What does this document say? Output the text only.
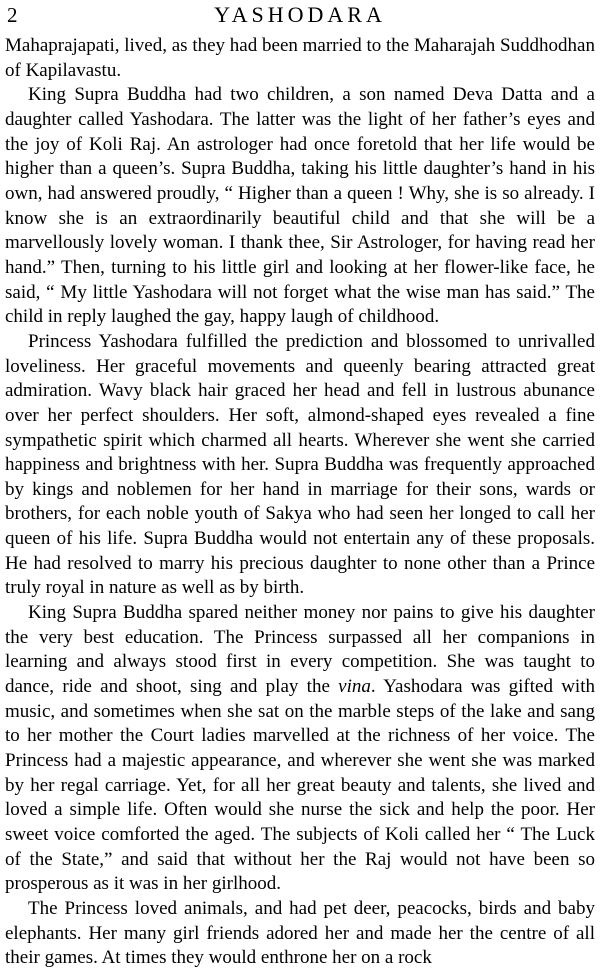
2	YASHODARA

Mahaprajapati, lived, as they had been married to the Maharajah Suddhodhan of Kapilavastu.

King Supra Buddha had two children, a son named Deva Datta and a daughter called Yashodara. The latter was the light of her father’s eyes and the joy of Koli Raj. An astrologer had once foretold that her life would be higher than a queen’s. Supra Buddha, taking his little daughter’s hand in his own, had answered proudly, “ Higher than a queen ! Why, she is so already. I know she is an extraordinarily beautiful child and that she will be a marvellously lovely woman. I thank thee, Sir Astrologer, for having read her hand.” Then, turning to his little girl and looking at her flower-like face, he said, “ My little Yashodara will not forget what the wise man has said.” The child in reply laughed the gay, happy laugh of childhood.

Princess Yashodara fulfilled the prediction and blossomed to unrivalled loveliness. Her graceful movements and queenly bearing attracted great admiration. Wavy black hair graced her head and fell in lustrous abunance over her perfect shoulders. Her soft, almond-shaped eyes revealed a fine sympathetic spirit which charmed all hearts. Wherever she went she carried happiness and brightness with her. Supra Buddha was frequently approached by kings and noblemen for her hand in marriage for their sons, wards or brothers, for each noble youth of Sakya who had seen her longed to call her queen of his life. Supra Buddha would not entertain any of these proposals. He had resolved to marry his precious daughter to none other than a Prince truly royal in nature as well as by birth.

King Supra Buddha spared neither money nor pains to give his daughter the very best education. The Princess surpassed all her companions in learning and always stood first in every competition. She was taught to dance, ride and shoot, sing and play the vina. Yashodara was gifted with music, and sometimes when she sat on the marble steps of the lake and sang to her mother the Court ladies marvelled at the richness of her voice. The Princess had a majestic appearance, and wherever she went she was marked by her regal carriage. Yet, for all her great beauty and talents, she lived and loved a simple life. Often would she nurse the sick and help the poor. Her sweet voice comforted the aged. The subjects of Koli called her “ The Luck of the State,” and said that without her the Raj would not have been so prosperous as it was in her girlhood.

The Princess loved animals, and had pet deer, peacocks, birds and baby elephants. Her many girl friends adored her and made her the centre of all their games. At times they would enthrone her on a rock
